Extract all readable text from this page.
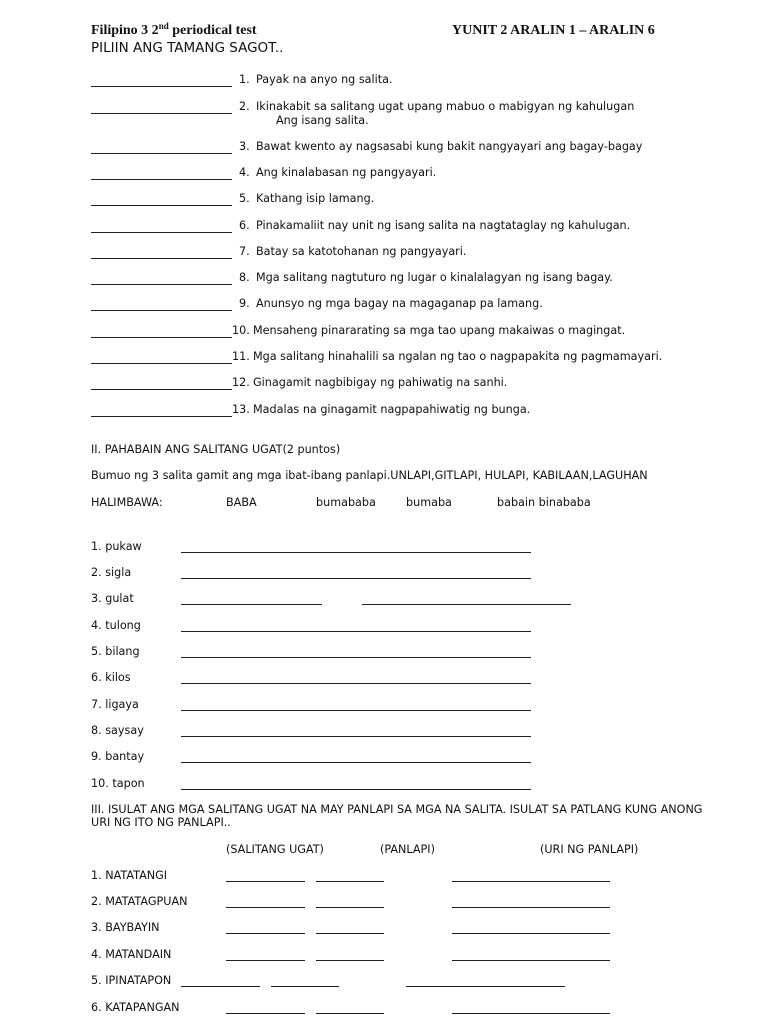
Filipino 3 2nd periodical test	YUNIT 2 ARALIN 1 – ARALIN 6
PILIIN ANG TAMANG SAGOT..
II. PAHABAIN ANG SALITANG UGAT(2 puntos)
Bumuo ng 3 salita gamit ang mga ibat-ibang panlapi.UNLAPI,GITLAPI, HULAPI, KABILAAN,LAGUHAN
HALIMBAWA:	BABA	bumababa	bumaba	babain binababa
III. ISULAT ANG MGA SALITANG UGAT NA MAY PANLAPI SA MGA NA SALITA. ISULAT SA PATLANG KUNG ANONG
URI NG ITO NG PANLAPI..
(SALITANG UGAT)	(PANLAPI)	(URI NG PANLAPI)
1. Payak na anyo ng salita.
2. Ikinakabit sa salitang ugat upang mabuo o mabigyan ng kahulugan
3. Bawat kwento ay nagsasabi kung bakit nangyayari ang bagay-bagay
4. Ang kinalabasan ng pangyayari.
5. Kathang isip lamang.
6. Pinakamaliit nay unit ng isang salita na nagtataglay ng kahulugan.
7. Batay sa katotohanan ng pangyayari.
8. Mga salitang nagtuturo ng lugar o kinalalagyan ng isang bagay.
9. Anunsyo ng mga bagay na magaganap pa lamang.
10. Mensaheng pinararating sa mga tao upang makaiwas o magingat.
11. Mga salitang hinahalili sa ngalan ng tao o nagpapakita ng pagmamayari.
12. Ginagamit nagbibigay ng pahiwatig na sanhi.
13. Madalas na ginagamit nagpapahiwatig ng bunga.
Ang isang salita.
1. pukaw
2. sigla
3. gulat
4. tulong
5. bilang
6. kilos
7. ligaya
8. saysay
9. bantay
10. tapon
1. NATATANGI
2. MATATAGPUAN
3. BAYBAYIN
4. MATANDAIN
5. IPINATAPON
6. KATAPANGAN
